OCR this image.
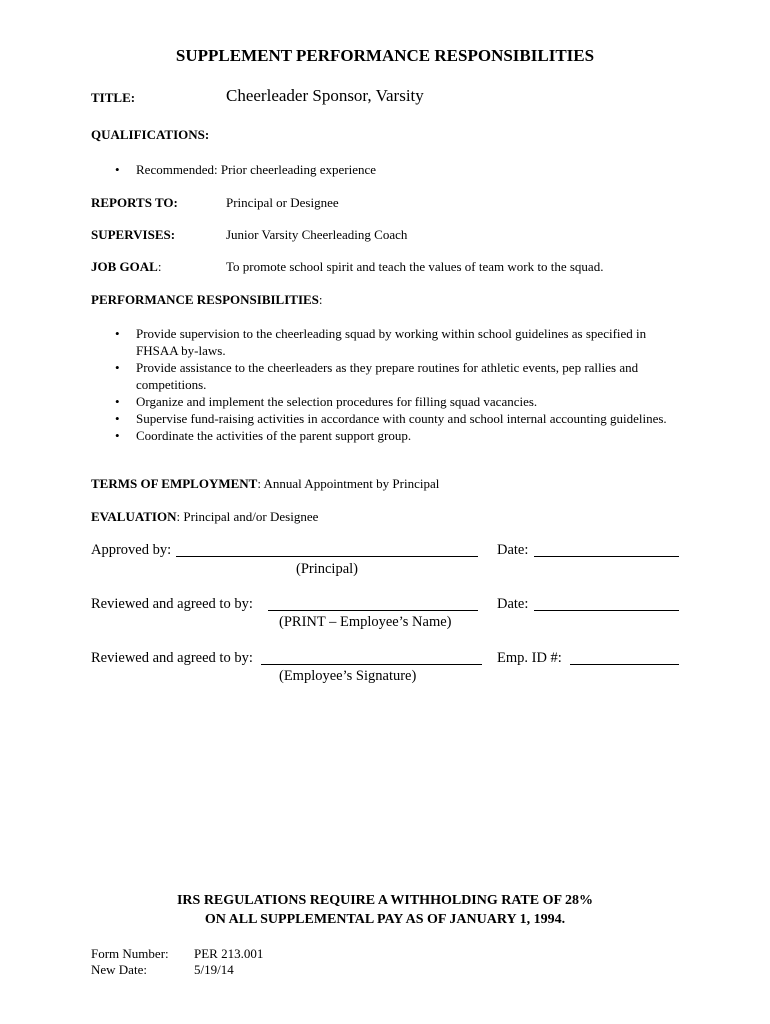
SUPPLEMENT PERFORMANCE RESPONSIBILITIES
TITLE:	Cheerleader Sponsor, Varsity
QUALIFICATIONS:
• Recommended: Prior cheerleading experience
REPORTS TO:	Principal or Designee
SUPERVISES:	Junior Varsity Cheerleading Coach
JOB GOAL:	To promote school spirit and teach the values of team work to the squad.
PERFORMANCE RESPONSIBILITIES:
• Provide supervision to the cheerleading squad by working within school guidelines as specified in FHSAA by-laws.
• Provide assistance to the cheerleaders as they prepare routines for athletic events, pep rallies and competitions.
• Organize and implement the selection procedures for filling squad vacancies.
• Supervise fund-raising activities in accordance with county and school internal accounting guidelines.
• Coordinate the activities of the parent support group.
TERMS OF EMPLOYMENT: Annual Appointment by Principal
EVALUATION: Principal and/or Designee
Approved by:
(Principal)
Date:
Reviewed and agreed to by:
(PRINT – Employee’s Name)
Date:
Reviewed and agreed to by:
(Employee’s Signature)
Emp. ID #:
IRS REGULATIONS REQUIRE A WITHHOLDING RATE OF 28%
ON ALL SUPPLEMENTAL PAY AS OF JANUARY 1, 1994.
Form Number: PER 213.001
New Date:	5/19/14
